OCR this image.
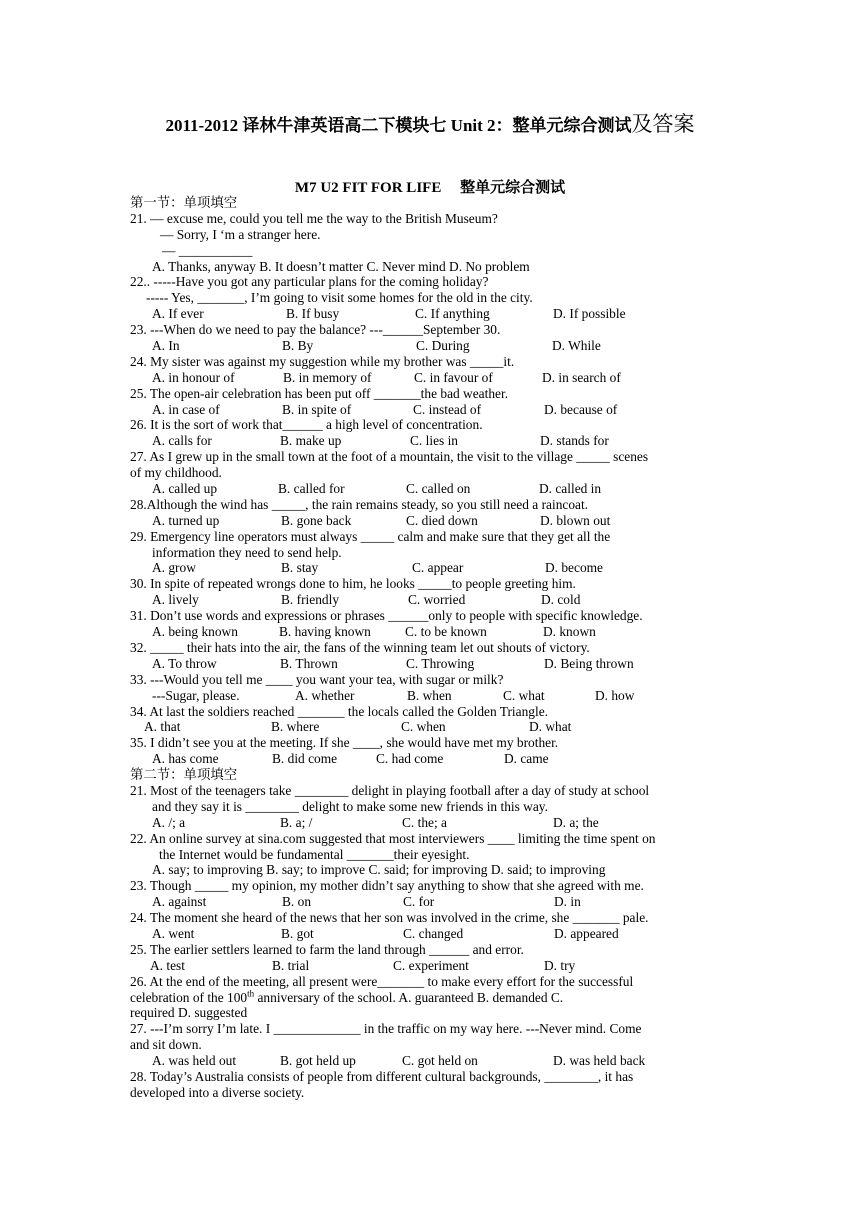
2011-2012 译林牛津英语高二下模块七 Unit 2：整单元综合测试及答案
M7 U2 FIT FOR LIFE　 整单元综合测试
第一节：单项填空
21. — excuse me, could you tell me the way to the British Museum?
— Sorry, I ‘m a stranger here.
— ___________
A. Thanks, anyway B. It doesn’t matter C. Never mind D. No problem
22.. -----Have you got any particular plans for the coming holiday?
----- Yes, _______, I’m going to visit some homes for the old in the city.
A. If ever	B. If busy	C. If anything	D. If possible
23. ---When do we need to pay the balance? ---______September 30.
A. In	B. By	C. During	D. While
24. My sister was against my suggestion while my brother was _____it.
A. in honour of	B. in memory of	C. in favour of	D. in search of
25. The open-air celebration has been put off _______the bad weather.
A. in case of	B. in spite of	C. instead of	D. because of
26. It is the sort of work that______ a high level of concentration.
A. calls for	B. make up	C. lies in	D. stands for
27. As I grew up in the small town at the foot of a mountain, the visit to the village _____ scenes
of my childhood.
A. called up	B. called for	C. called on	D. called in
28.Although the wind has _____, the rain remains steady, so you still need a raincoat.
A. turned up	B. gone back	C. died down	D. blown out
29. Emergency line operators must always _____ calm and make sure that they get all the
information they need to send help.
A. grow	B. stay	C. appear	D. become
30. In spite of repeated wrongs done to him, he looks _____to people greeting him.
A. lively	B. friendly	C. worried	D. cold
31. Don’t use words and expressions or phrases ______only to people with specific knowledge.
A. being known	B. having known	C. to be known	D. known
32. _____ their hats into the air, the fans of the winning team let out shouts of victory.
A. To throw	B. Thrown	C. Throwing	D. Being thrown
33. ---Would you tell me ____ you want your tea, with sugar or milk?
---Sugar, please.	A. whether	B. when	C. what	D. how
34. At last the soldiers reached _______ the locals called the Golden Triangle.
A. that	B. where	C. when	D. what
35. I didn’t see you at the meeting. If she ____, she would have met my brother.
A. has come	B. did come	C. had come	D. came
第二节：单项填空
21. Most of the teenagers take ________ delight in playing football after a day of study at school
and they say it is ________ delight to make some new friends in this way.
A. /; a	B. a; /	C. the; a	D. a; the
22. An online survey at sina.com suggested that most interviewers ____ limiting the time spent on
the Internet would be fundamental _______their eyesight.
A. say; to improving B. say; to improve C. said; for improving D. said; to improving
23. Though _____ my opinion, my mother didn’t say anything to show that she agreed with me.
A. against	B. on	C. for	D. in
24. The moment she heard of the news that her son was involved in the crime, she _______ pale.
A. went	B. got	C. changed	D. appeared
25. The earlier settlers learned to farm the land through ______ and error.
A. test	B. trial	C. experiment	D. try
26. At the end of the meeting, all present were_______ to make every effort for the successful
celebration of the 100th anniversary of the school. A. guaranteed B. demanded C.
required D. suggested
27. ---I’m sorry I’m late. I _____________ in the traffic on my way here. ---Never mind. Come
and sit down.
A. was held out	B. got held up	C. got held on	D. was held back
28. Today’s Australia consists of people from different cultural backgrounds, ________, it has
developed into a diverse society.
